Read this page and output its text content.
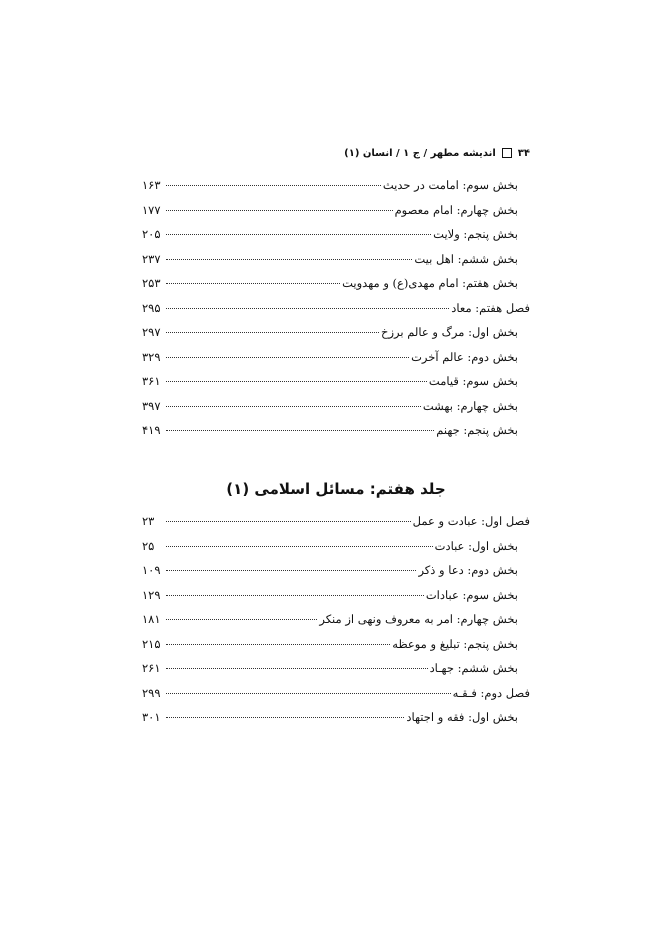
۳۴
اندیشه مطهر / ج ۱ / انسان (۱)
بخش سوم: امامت در حدیث
۱۶۳
بخش چهارم: امام معصوم
۱۷۷
بخش پنجم: ولایت
۲۰۵
بخش ششم: اهل بیت
۲۳۷
بخش هفتم: امام مهدی(ع) و مهدویت
۲۵۳
فصل هفتم: معاد
۲۹۵
بخش اول: مرگ و عالم برزخ
۲۹۷
بخش دوم: عالم آخرت
۳۲۹
بخش سوم: قیامت
۳۶۱
بخش چهارم: بهشت
۳۹۷
بخش پنجم: جهنم
۴۱۹
جلد هفتم: مسائل اسلامی (۱)
فصل اول: عبادت و عمل
۲۳
بخش اول: عبادت
۲۵
بخش دوم: دعا و ذکر
۱۰۹
بخش سوم: عبادات
۱۲۹
بخش چهارم: امر به معروف ونهی از منکر
۱۸۱
بخش پنجم: تبلیغ و موعظه
۲۱۵
بخش ششم: جهـاد
۲۶۱
فصل دوم: فـقـه
۲۹۹
بخش اول: فقه و اجتهاد
۳۰۱
